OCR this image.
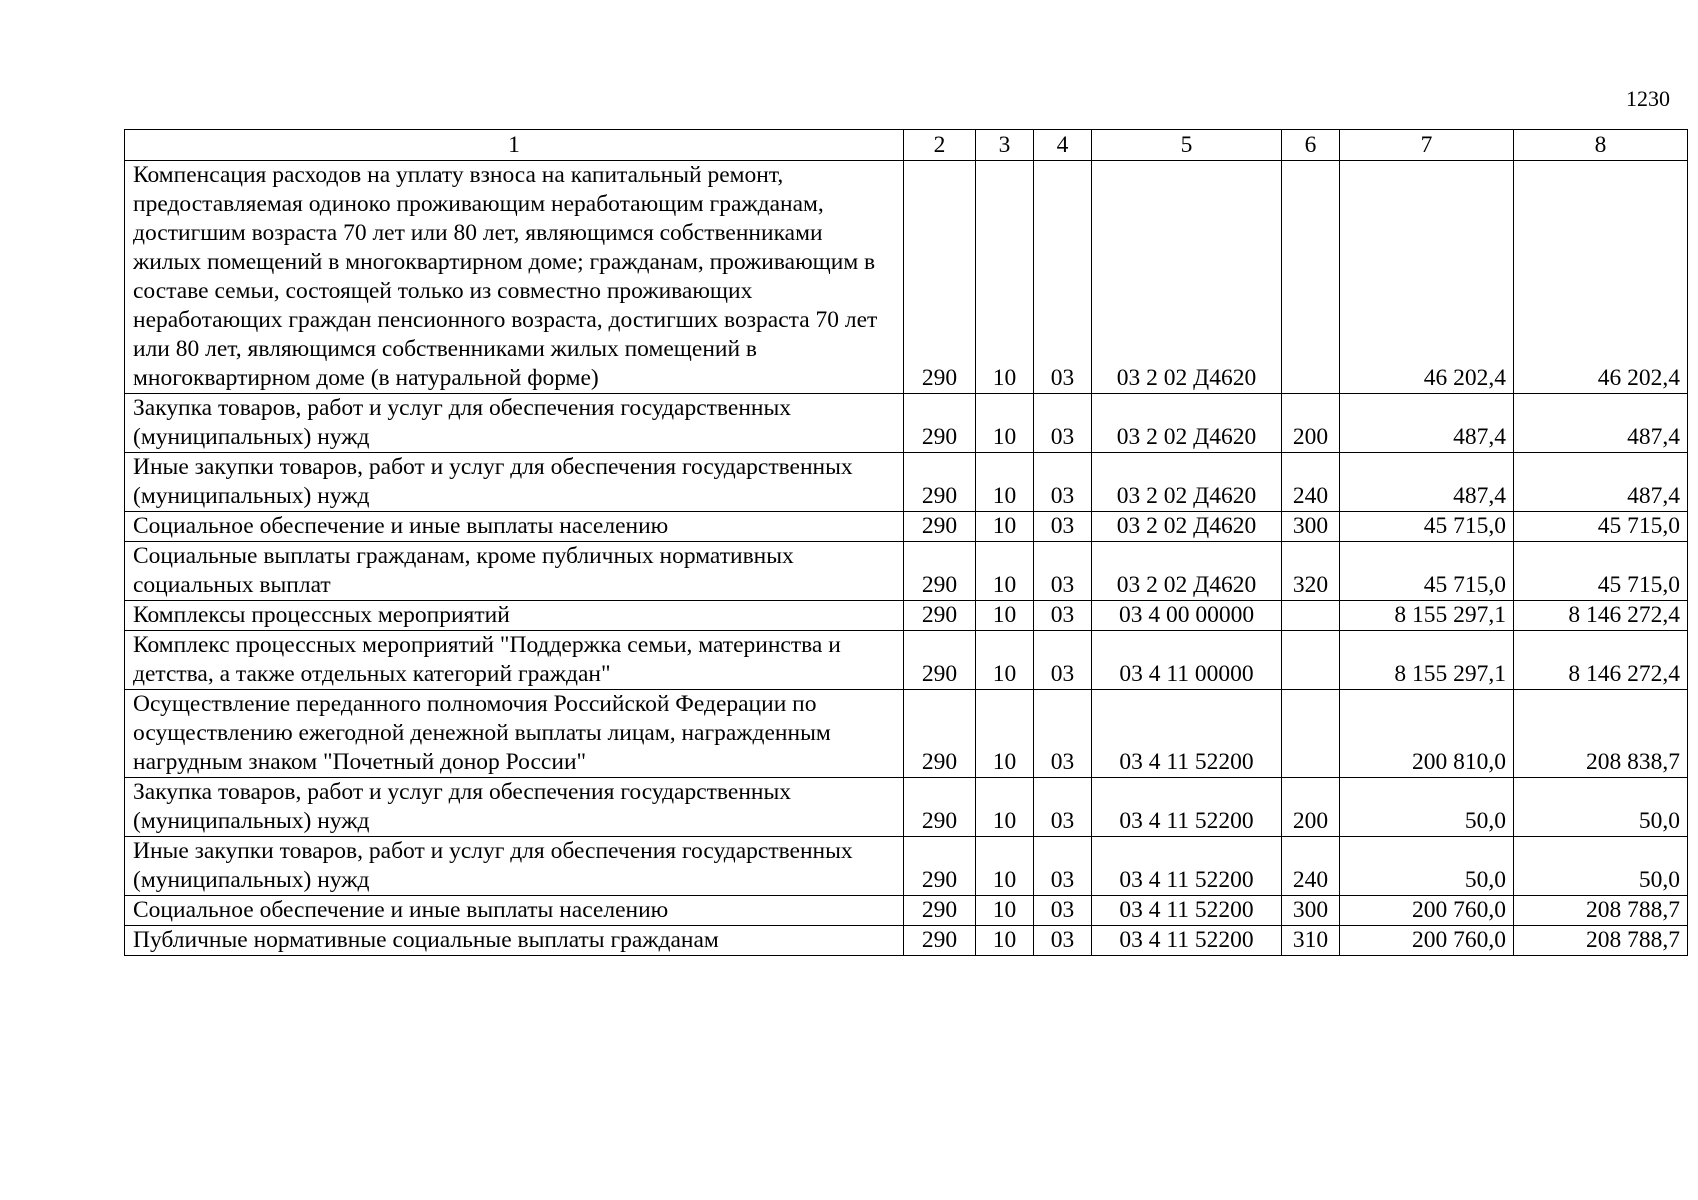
1230
1	2	3	4	5	6	7	8
Компенсация расходов на уплату взноса на капитальный ремонт, предоставляемая одиноко проживающим неработающим гражданам, достигшим возраста 70 лет или 80 лет, являющимся собственниками жилых помещений в многоквартирном доме; гражданам, проживающим в составе семьи, состоящей только из совместно проживающих неработающих граждан пенсионного возраста, достигших возраста 70 лет или 80 лет, являющимся собственниками жилых помещений в многоквартирном доме (в натуральной форме)	290	10	03	03 2 02 Д4620		46 202,4	46 202,4
Закупка товаров, работ и услуг для обеспечения государственных (муниципальных) нужд	290	10	03	03 2 02 Д4620	200	487,4	487,4
Иные закупки товаров, работ и услуг для обеспечения государственных (муниципальных) нужд	290	10	03	03 2 02 Д4620	240	487,4	487,4
Социальное обеспечение и иные выплаты населению	290	10	03	03 2 02 Д4620	300	45 715,0	45 715,0
Социальные выплаты гражданам, кроме публичных нормативных социальных выплат	290	10	03	03 2 02 Д4620	320	45 715,0	45 715,0
Комплексы процессных мероприятий	290	10	03	03 4 00 00000		8 155 297,1	8 146 272,4
Комплекс процессных мероприятий "Поддержка семьи, материнства и детства, а также отдельных категорий граждан"	290	10	03	03 4 11 00000		8 155 297,1	8 146 272,4
Осуществление переданного полномочия Российской Федерации по осуществлению ежегодной денежной выплаты лицам, награжденным нагрудным знаком "Почетный донор России"	290	10	03	03 4 11 52200		200 810,0	208 838,7
Закупка товаров, работ и услуг для обеспечения государственных (муниципальных) нужд	290	10	03	03 4 11 52200	200	50,0	50,0
Иные закупки товаров, работ и услуг для обеспечения государственных (муниципальных) нужд	290	10	03	03 4 11 52200	240	50,0	50,0
Социальное обеспечение и иные выплаты населению	290	10	03	03 4 11 52200	300	200 760,0	208 788,7
Публичные нормативные социальные выплаты гражданам	290	10	03	03 4 11 52200	310	200 760,0	208 788,7
